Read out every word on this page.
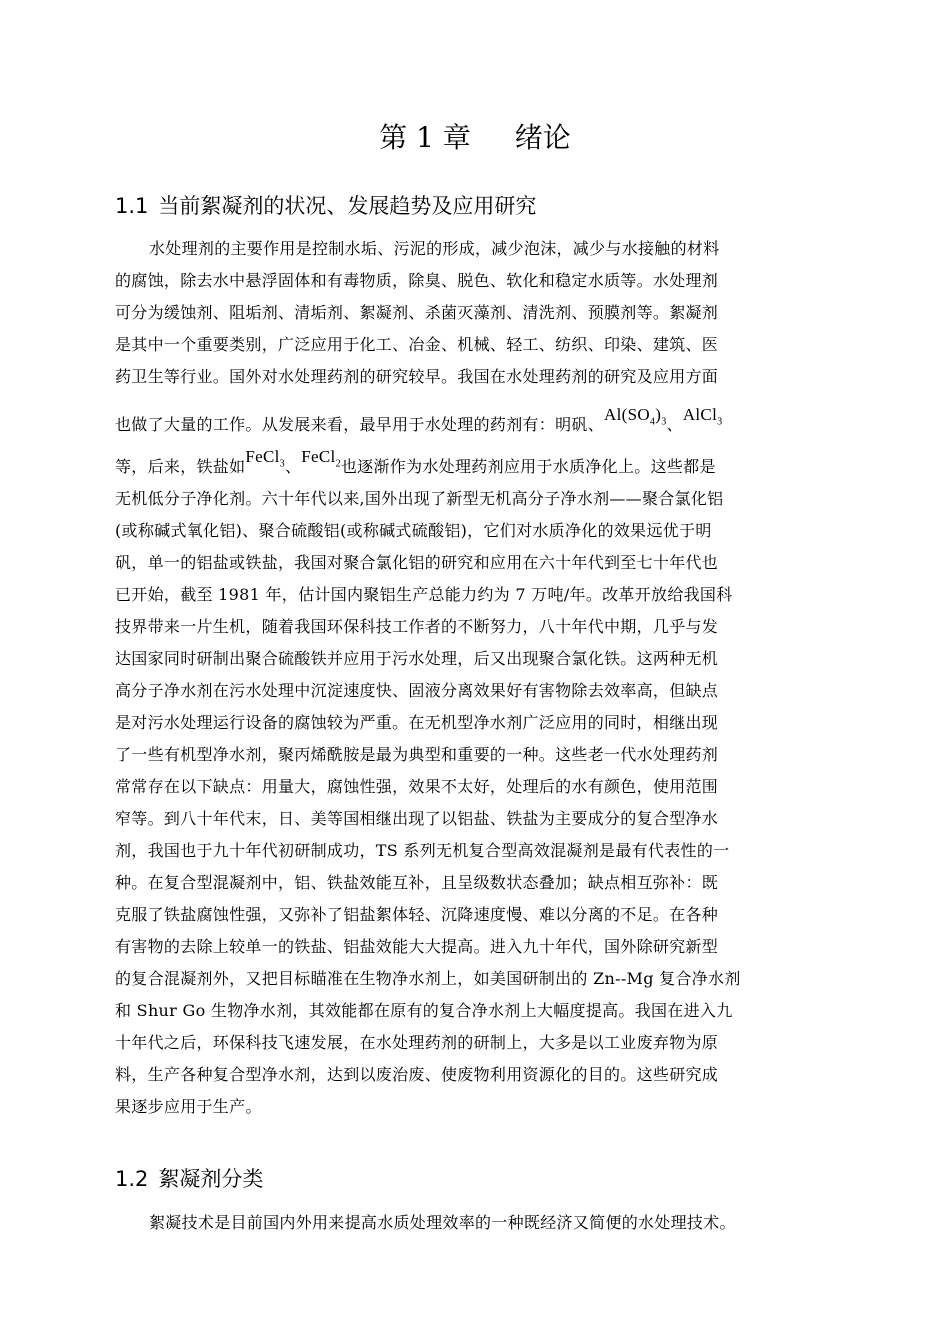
第 1 章 绪论
1.1 当前絮凝剂的状况、发展趋势及应用研究
水处理剂的主要作用是控制水垢、污泥的形成，减少泡沫，减少与水接触的材料
的腐蚀，除去水中悬浮固体和有毒物质，除臭、脱色、软化和稳定水质等。水处理剂
可分为缓蚀剂、阻垢剂、清垢剂、絮凝剂、杀菌灭藻剂、清洗剂、预膜剂等。絮凝剂
是其中一个重要类别，广泛应用于化工、冶金、机械、轻工、纺织、印染、建筑、医
药卫生等行业。国外对水处理药剂的研究较早。我国在水处理药剂的研究及应用方面
也做了大量的工作。从发展来看，最早用于水处理的药剂有：明矾、$Al(SO_4)_3$、AlCl$_3$
等，后来，铁盐如FeCl$_3$、FeCl$_2$也逐渐作为水处理药剂应用于水质净化上。这些都是
无机低分子净化剂。六十年代以来,国外出现了新型无机高分子净水剂——聚合氯化铝
(或称碱式氧化铝)、聚合硫酸铝(或称碱式硫酸铝)，它们对水质净化的效果远优于明
矾，单一的铝盐或铁盐，我国对聚合氯化铝的研究和应用在六十年代到至七十年代也
已开始，截至 1981 年，估计国内聚铝生产总能力约为 7 万吨/年。改革开放给我国科
技界带来一片生机，随着我国环保科技工作者的不断努力，八十年代中期，几乎与发
达国家同时研制出聚合硫酸铁并应用于污水处理，后又出现聚合氯化铁。这两种无机
高分子净水剂在污水处理中沉淀速度快、固液分离效果好有害物除去效率高，但缺点
是对污水处理运行设备的腐蚀较为严重。在无机型净水剂广泛应用的同时，相继出现
了一些有机型净水剂，聚丙烯酰胺是最为典型和重要的一种。这些老一代水处理药剂
常常存在以下缺点：用量大，腐蚀性强，效果不太好，处理后的水有颜色，使用范围
窄等。到八十年代末，日、美等国相继出现了以铝盐、铁盐为主要成分的复合型净水
剂，我国也于九十年代初研制成功，TS 系列无机复合型高效混凝剂是最有代表性的一
种。在复合型混凝剂中，铝、铁盐效能互补，且呈级数状态叠加；缺点相互弥补：既
克服了铁盐腐蚀性强，又弥补了铝盐絮体轻、沉降速度慢、难以分离的不足。在各种
有害物的去除上较单一的铁盐、铝盐效能大大提高。进入九十年代，国外除研究新型
的复合混凝剂外，又把目标瞄准在生物净水剂上，如美国研制出的 Zn--Mg 复合净水剂
和 Shur Go 生物净水剂，其效能都在原有的复合净水剂上大幅度提高。我国在进入九
十年代之后，环保科技飞速发展，在水处理药剂的研制上，大多是以工业废弃物为原
料，生产各种复合型净水剂，达到以废治废、使废物利用资源化的目的。这些研究成
果逐步应用于生产。
1.2 絮凝剂分类
絮凝技术是目前国内外用来提高水质处理效率的一种既经济又简便的水处理技术。
